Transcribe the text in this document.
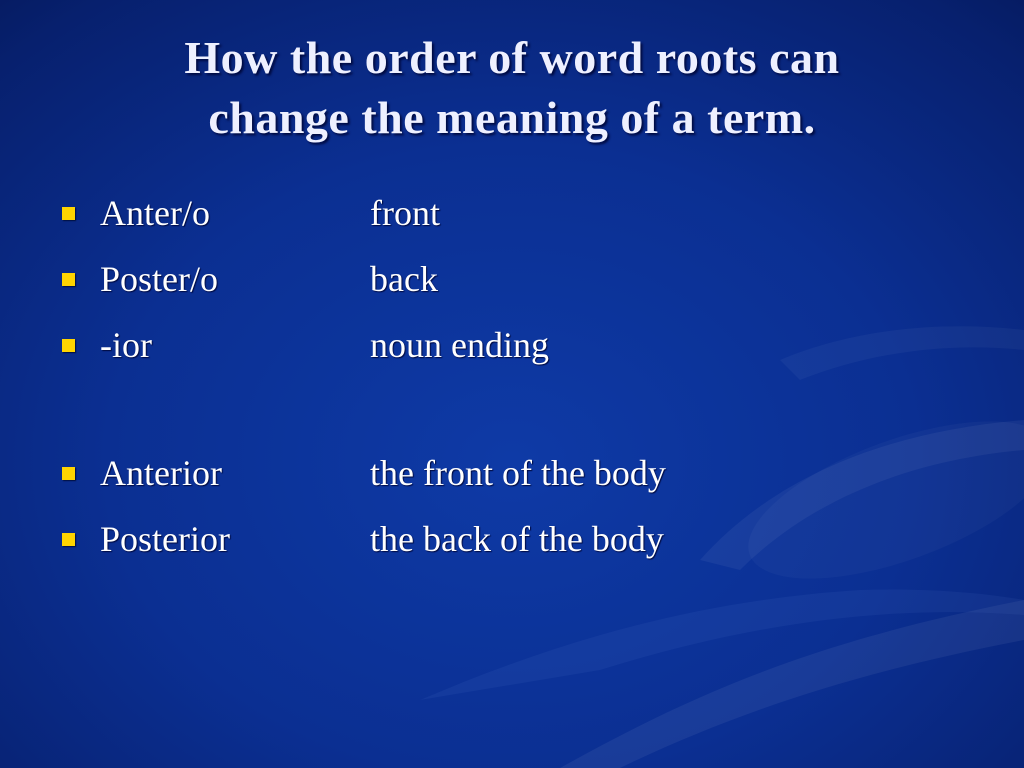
How the order of word roots can
change the meaning of a term.
Anter/o	front
Poster/o	back
-ior	noun ending
Anterior	the front of the body
Posterior	the back of the body
